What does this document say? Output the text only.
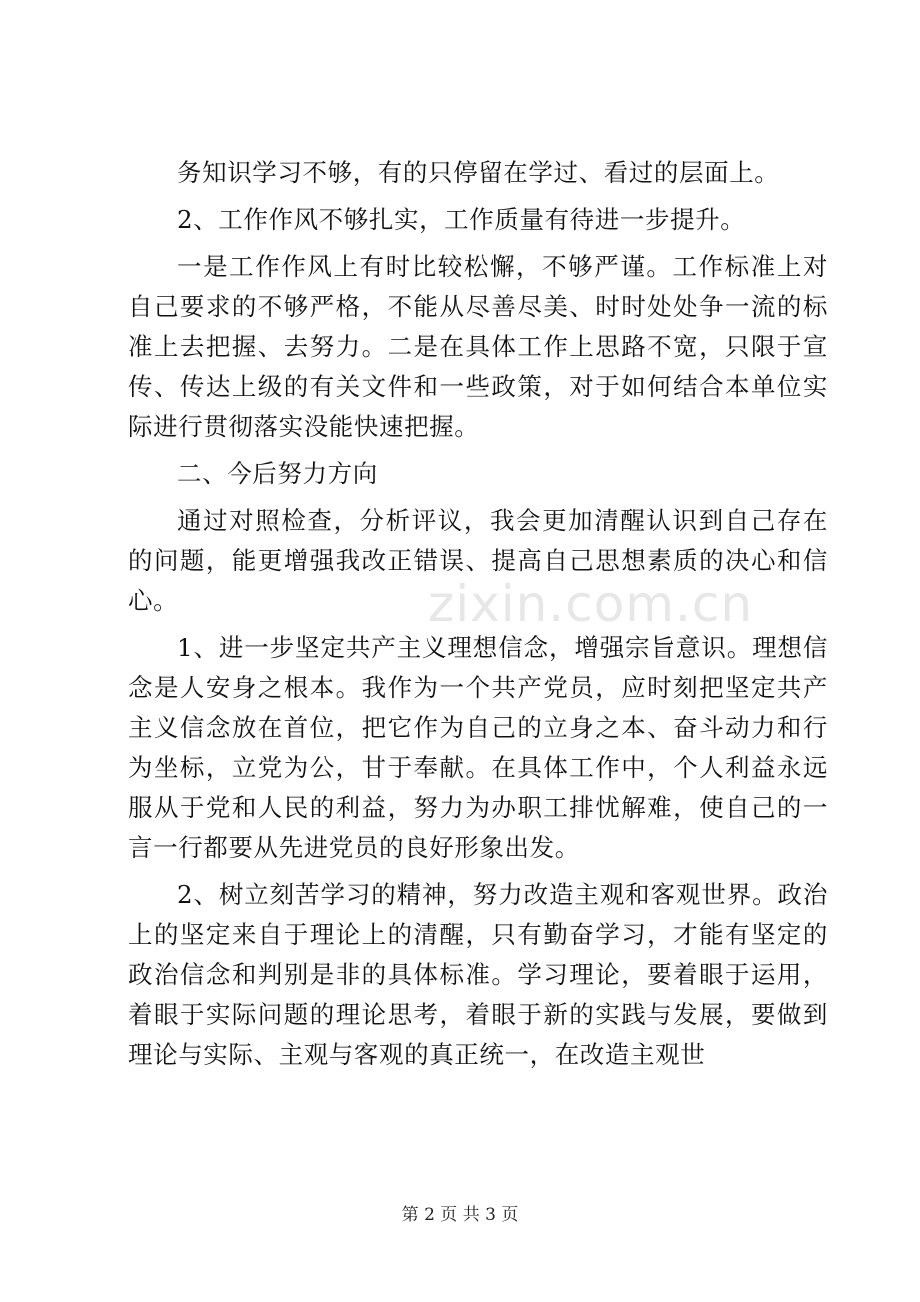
务知识学习不够，有的只停留在学过、看过的层面上。

2、工作作风不够扎实，工作质量有待进一步提升。

一是工作作风上有时比较松懈，不够严谨。工作标准上对自己要求的不够严格，不能从尽善尽美、时时处处争一流的标准上去把握、去努力。二是在具体工作上思路不宽，只限于宣传、传达上级的有关文件和一些政策，对于如何结合本单位实际进行贯彻落实没能快速把握。

二、今后努力方向

通过对照检查，分析评议，我会更加清醒认识到自己存在的问题，能更增强我改正错误、提高自己思想素质的决心和信心。

1、进一步坚定共产主义理想信念，增强宗旨意识。理想信念是人安身之根本。我作为一个共产党员，应时刻把坚定共产主义信念放在首位，把它作为自己的立身之本、奋斗动力和行为坐标，立党为公，甘于奉献。在具体工作中，个人利益永远服从于党和人民的利益，努力为办职工排忧解难，使自己的一言一行都要从先进党员的良好形象出发。

2、树立刻苦学习的精神，努力改造主观和客观世界。政治上的坚定来自于理论上的清醒，只有勤奋学习，才能有坚定的政治信念和判别是非的具体标准。学习理论，要着眼于运用，着眼于实际问题的理论思考，着眼于新的实践与发展，要做到理论与实际、主观与客观的真正统一，在改造主观世

zixin.com.cn
第 2 页 共 3 页
